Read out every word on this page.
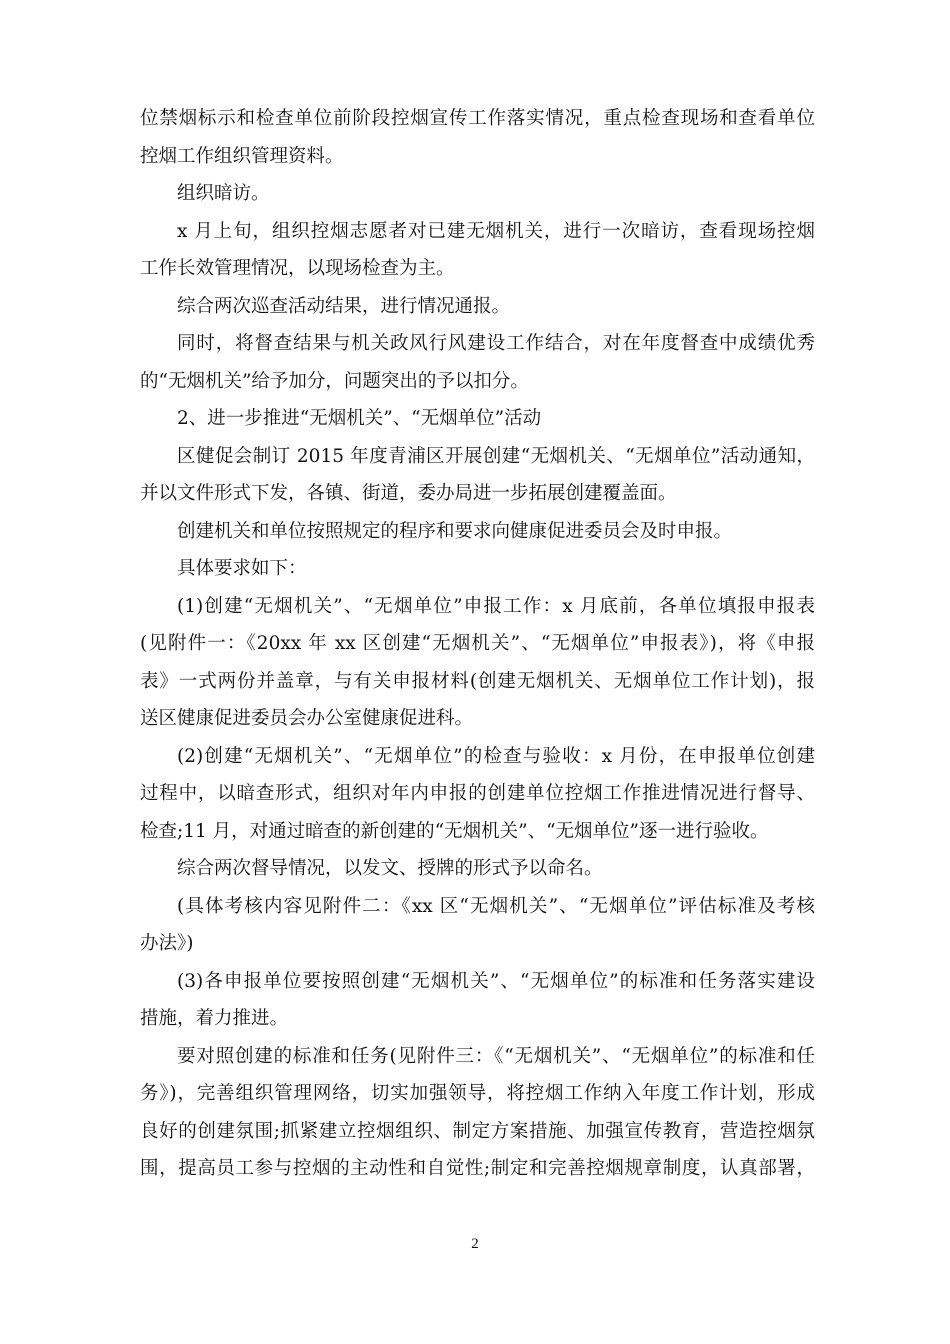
位禁烟标示和检查单位前阶段控烟宣传工作落实情况，重点检查现场和查看单位
控烟工作组织管理资料。
组织暗访。
x 月上旬，组织控烟志愿者对已建无烟机关，进行一次暗访，查看现场控烟
工作长效管理情况，以现场检查为主。
综合两次巡查活动结果，进行情况通报。
同时，将督查结果与机关政风行风建设工作结合，对在年度督查中成绩优秀
的“无烟机关”给予加分，问题突出的予以扣分。
2、进一步推进“无烟机关”、“无烟单位”活动
区健促会制订 2015 年度青浦区开展创建“无烟机关、“无烟单位”活动通知，
并以文件形式下发，各镇、街道，委办局进一步拓展创建覆盖面。
创建机关和单位按照规定的程序和要求向健康促进委员会及时申报。
具体要求如下：
(1)创建“无烟机关”、“无烟单位”申报工作：x 月底前，各单位填报申报表
(见附件一：《20xx 年 xx 区创建“无烟机关”、“无烟单位”申报表》)，将《申报
表》一式两份并盖章，与有关申报材料(创建无烟机关、无烟单位工作计划)，报
送区健康促进委员会办公室健康促进科。
(2)创建“无烟机关”、“无烟单位”的检查与验收：x 月份，在申报单位创建
过程中，以暗查形式，组织对年内申报的创建单位控烟工作推进情况进行督导、
检查;11 月，对通过暗查的新创建的“无烟机关”、“无烟单位”逐一进行验收。
综合两次督导情况，以发文、授牌的形式予以命名。
(具体考核内容见附件二：《xx 区“无烟机关”、“无烟单位”评估标准及考核
办法》)
(3)各申报单位要按照创建“无烟机关”、“无烟单位”的标准和任务落实建设
措施，着力推进。
要对照创建的标准和任务(见附件三：《“无烟机关”、“无烟单位”的标准和任
务》)，完善组织管理网络，切实加强领导，将控烟工作纳入年度工作计划，形成
良好的创建氛围;抓紧建立控烟组织、制定方案措施、加强宣传教育，营造控烟氛
围，提高员工参与控烟的主动性和自觉性;制定和完善控烟规章制度，认真部署，
2
